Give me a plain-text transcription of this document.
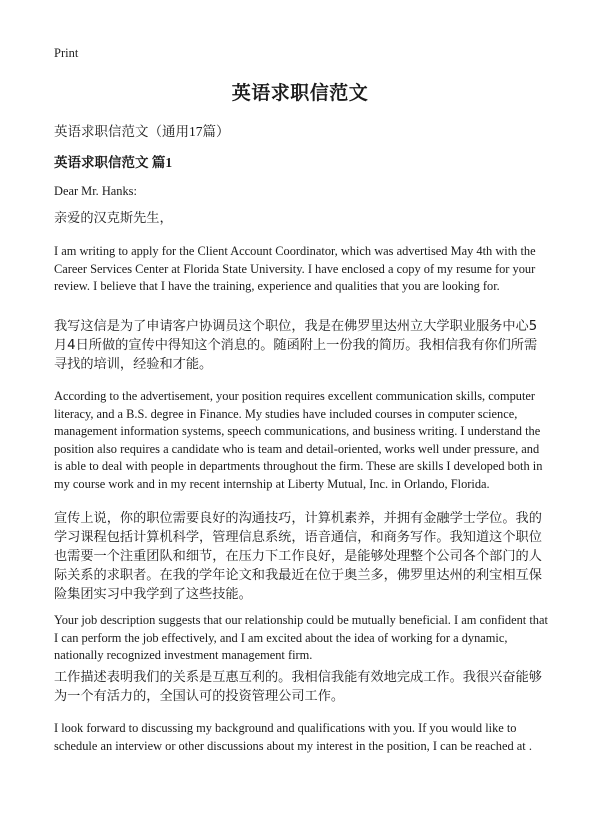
Print
英语求职信范文
英语求职信范文（通用17篇）
英语求职信范文 篇1

Dear Mr. Hanks:

亲爱的汉克斯先生，

I am writing to apply for the Client Account Coordinator, which was advertised May 4th with the Career Services Center at Florida State University. I have enclosed a copy of my resume for your review. I believe that I have the training, experience and qualities that you are looking for.

我写这信是为了申请客户协调员这个职位，我是在佛罗里达州立大学职业服务中心5月4日所做的宣传中得知这个消息的。随函附上一份我的简历。我相信我有你们所需寻找的培训，经验和才能。

According to the advertisement, your position requires excellent communication skills, computer literacy, and a B.S. degree in Finance. My studies have included courses in computer science, management information systems, speech communications, and business writing. I understand the position also requires a candidate who is team and detail-oriented, works well under pressure, and is able to deal with people in departments throughout the firm. These are skills I developed both in my course work and in my recent internship at Liberty Mutual, Inc. in Orlando, Florida.

宣传上说，你的职位需要良好的沟通技巧，计算机素养，并拥有金融学士学位。我的学习课程包括计算机科学，管理信息系统，语音通信，和商务写作。我知道这个职位也需要一个注重团队和细节，在压力下工作良好，是能够处理整个公司各个部门的人际关系的求职者。在我的学年论文和我最近在位于奥兰多，佛罗里达州的利宝相互保险集团实习中我学到了这些技能。

Your job description suggests that our relationship could be mutually beneficial. I am confident that I can perform the job effectively, and I am excited about the idea of working for a dynamic, nationally recognized investment management firm.

工作描述表明我们的关系是互惠互利的。我相信我能有效地完成工作。我很兴奋能够为一个有活力的，全国认可的投资管理公司工作。

I look forward to discussing my background and qualifications with you. If you would like to schedule an interview or other discussions about my interest in the position, I can be reached at .
